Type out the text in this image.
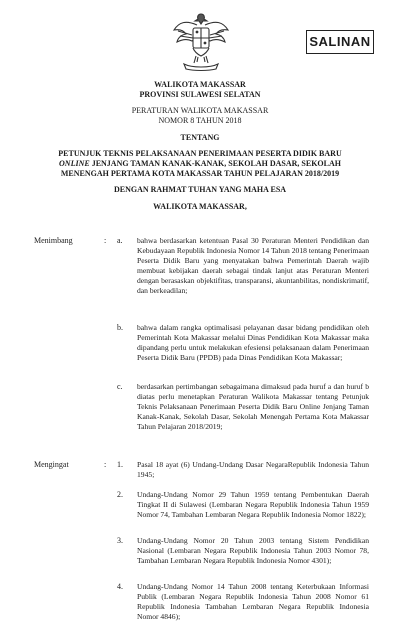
SALINAN
WALIKOTA MAKASSAR
PROVINSI SULAWESI SELATAN
PERATURAN WALIKOTA MAKASSAR
NOMOR 8 TAHUN 2018
TENTANG
PETUNJUK TEKNIS PELAKSANAAN PENERIMAAN PESERTA DIDIK BARU
ONLINE JENJANG TAMAN KANAK-KANAK, SEKOLAH DASAR, SEKOLAH
MENENGAH PERTAMA KOTA MAKASSAR TAHUN PELAJARAN 2018/2019
DENGAN RAHMAT TUHAN YANG MAHA ESA
WALIKOTA MAKASSAR,
Menimbang	: a. bahwa berdasarkan ketentuan Pasal 30 Peraturan Menteri Pendidikan dan Kebudayaan Republik Indonesia Nomor 14 Tahun 2018 tentang Penerimaan Peserta Didik Baru yang menyatakan bahwa Pemerintah Daerah wajib membuat kebijakan daerah sebagai tindak lanjut atas Peraturan Menteri dengan berasaskan objektifitas, transparansi, akuntanbilitas, nondiskrimatif, dan berkeadilan;
b. bahwa dalam rangka optimalisasi pelayanan dasar bidang pendidikan oleh Pemerintah Kota Makassar melalui Dinas Pendidikan Kota Makassar maka dipandang perlu untuk melakukan efesiensi pelaksanaan dalam Penerimaan Peserta Didik Baru (PPDB) pada Dinas Pendidikan Kota Makassar;
c. berdasarkan pertimbangan sebagaimana dimaksud pada huruf a dan huruf b diatas perlu menetapkan Peraturan Walikota Makassar tentang Petunjuk Teknis Pelaksanaan Penerimaan Peserta Didik Baru Online Jenjang Taman Kanak-Kanak, Sekolah Dasar, Sekolah Menengah Pertama Kota Makassar Tahun Pelajaran 2018/2019;
Mengingat	: 1. Pasal 18 ayat (6) Undang-Undang Dasar NegaraRepublik Indonesia Tahun 1945;
2. Undang-Undang Nomor 29 Tahun 1959 tentang Pembentukan Daerah Tingkat II di Sulawesi (Lembaran Negara Republik Indonesia Tahun 1959 Nomor 74, Tambahan Lembaran Negara Republik Indonesia Nomor 1822);
3. Undang-Undang Nomor 20 Tahun 2003 tentang Sistem Pendidikan Nasional (Lembaran Negara Republik Indonesia Tahun 2003 Nomor 78, Tambahan Lembaran Negara Republik Indonesia Nomor 4301);
4. Undang-Undang Nomor 14 Tahun 2008 tentang Keterbukaan Informasi Publik (Lembaran Negara Republik Indonesia Tahun 2008 Nomor 61 Republik Indonesia Tambahan Lembaran Negara Republik Indonesia Nomor 4846);
